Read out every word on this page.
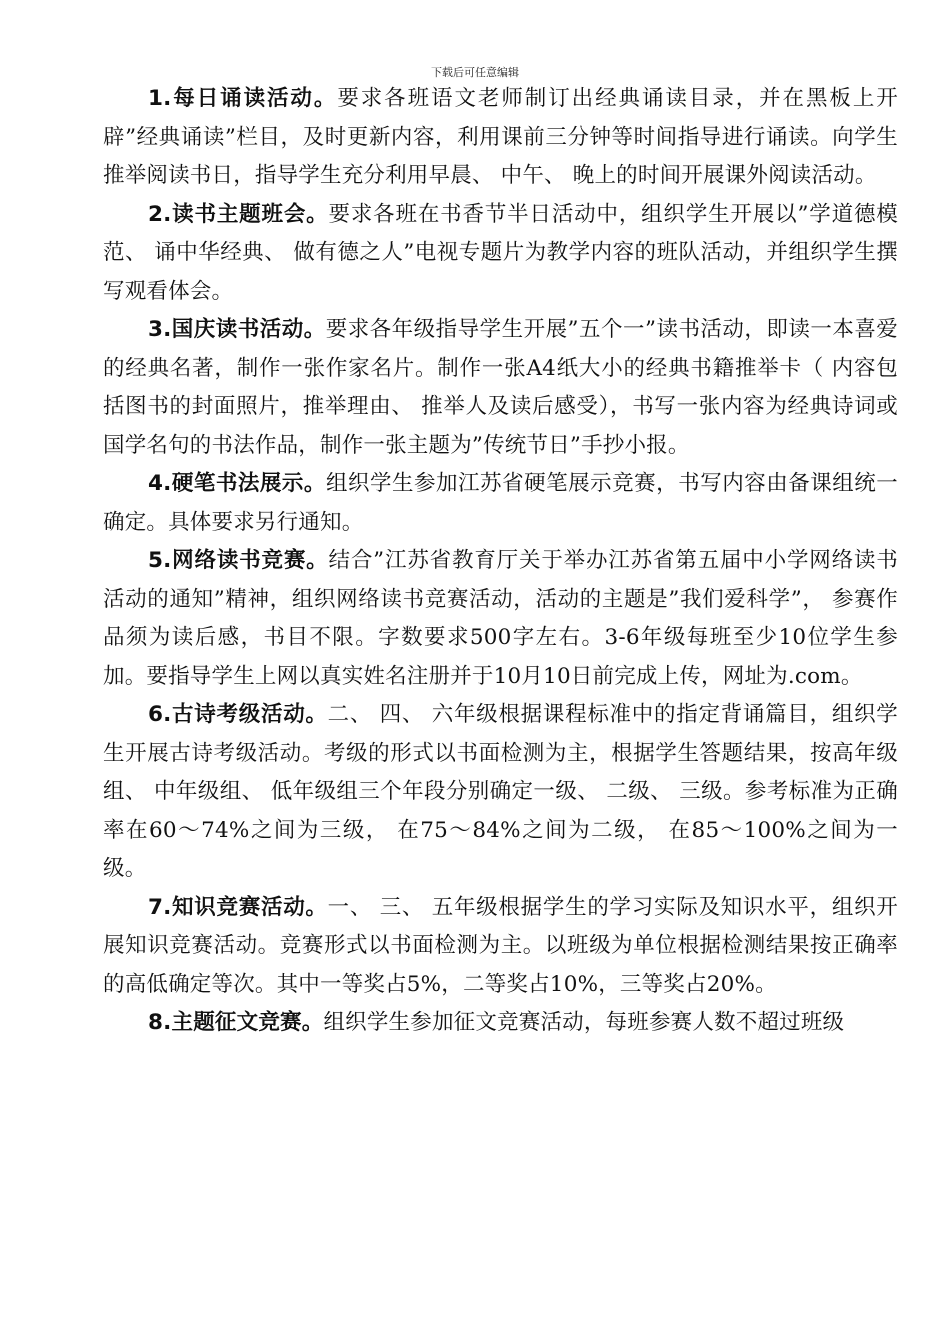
下载后可任意编辑

1.每日诵读活动。要求各班语文老师制订出经典诵读目录，并在黑板上开辟”经典诵读”栏目，及时更新内容，利用课前三分钟等时间指导进行诵读。向学生推举阅读书日，指导学生充分利用早晨、 中午、 晚上的时间开展课外阅读活动。

2.读书主题班会。要求各班在书香节半日活动中，组织学生开展以”学道德模范、 诵中华经典、 做有德之人”电视专题片为教学内容的班队活动，并组织学生撰写观看体会。

3.国庆读书活动。要求各年级指导学生开展”五个一”读书活动，即读一本喜爱的经典名著，制作一张作家名片。制作一张A4纸大小的经典书籍推举卡（ 内容包括图书的封面照片，推举理由、 推举人及读后感受），书写一张内容为经典诗词或国学名句的书法作品，制作一张主题为”传统节日”手抄小报。

4.硬笔书法展示。组织学生参加江苏省硬笔展示竞赛，书写内容由备课组统一确定。具体要求另行通知。

5.网络读书竞赛。结合”江苏省教育厅关于举办江苏省第五届中小学网络读书活动的通知”精神，组织网络读书竞赛活动，活动的主题是”我们爱科学”， 参赛作品须为读后感，书目不限。字数要求500字左右。3-6年级每班至少10位学生参加。要指导学生上网以真实姓名注册并于10月10日前完成上传，网址为.com。

6.古诗考级活动。二、 四、 六年级根据课程标准中的指定背诵篇目，组织学生开展古诗考级活动。考级的形式以书面检测为主，根据学生答题结果，按高年级组、 中年级组、 低年级组三个年段分别确定一级、 二级、 三级。参考标准为正确率在60～74%之间为三级， 在75～84%之间为二级， 在85～100%之间为一级。

7.知识竞赛活动。一、 三、 五年级根据学生的学习实际及知识水平，组织开展知识竞赛活动。竞赛形式以书面检测为主。以班级为单位根据检测结果按正确率的高低确定等次。其中一等奖占5%，二等奖占10%，三等奖占20%。

8.主题征文竞赛。组织学生参加征文竞赛活动，每班参赛人数不超过班级
